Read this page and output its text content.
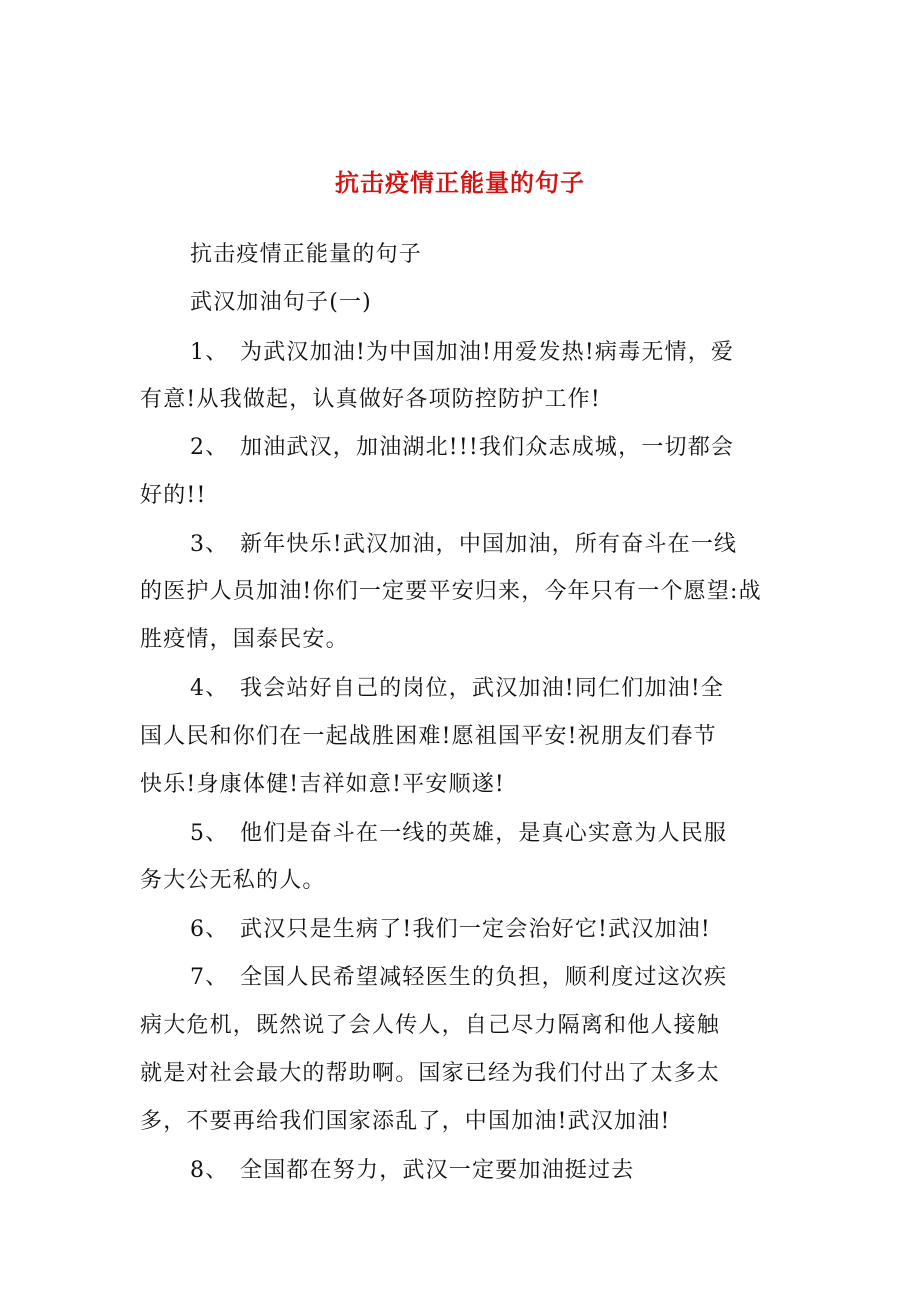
抗击疫情正能量的句子
抗击疫情正能量的句子
武汉加油句子(一)
1、 为武汉加油!为中国加油!用爱发热!病毒无情，爱
有意!从我做起，认真做好各项防控防护工作!
2、 加油武汉，加油湖北!!!我们众志成城，一切都会
好的!!
3、 新年快乐!武汉加油，中国加油，所有奋斗在一线
的医护人员加油!你们一定要平安归来，今年只有一个愿望:战
胜疫情，国泰民安。
4、 我会站好自己的岗位，武汉加油!同仁们加油!全
国人民和你们在一起战胜困难!愿祖国平安!祝朋友们春节
快乐!身康体健!吉祥如意!平安顺遂!
5、 他们是奋斗在一线的英雄，是真心实意为人民服
务大公无私的人。
6、 武汉只是生病了!我们一定会治好它!武汉加油!
7、 全国人民希望减轻医生的负担，顺利度过这次疾
病大危机，既然说了会人传人，自己尽力隔离和他人接触
就是对社会最大的帮助啊。国家已经为我们付出了太多太
多，不要再给我们国家添乱了，中国加油!武汉加油!
8、 全国都在努力，武汉一定要加油挺过去
